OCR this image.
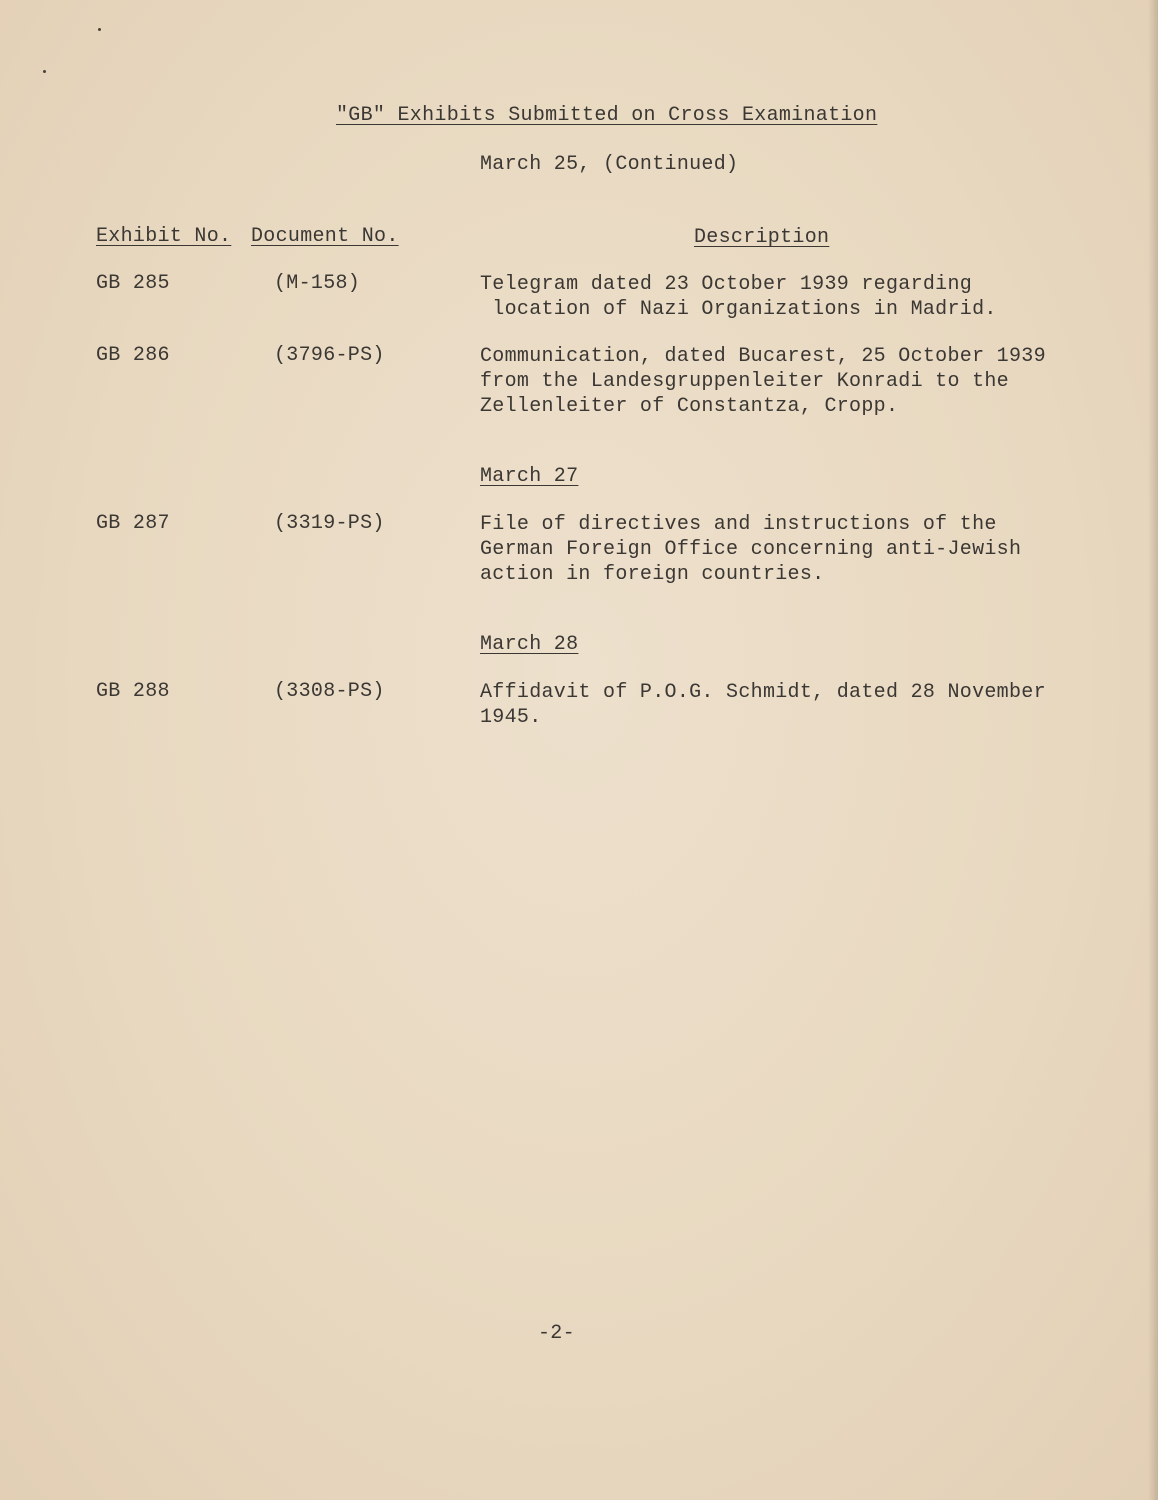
"GB" Exhibits Submitted on Cross Examination
March 25, (Continued)
Exhibit No. Document No.	Description
GB 285	(M-158)	Telegram dated 23 October 1939 regarding
location of Nazi Organizations in Madrid.
GB 286	(3796-PS)	Communication, dated Bucarest, 25 October 1939
from the Landesgruppenleiter Konradi to the
Zellenleiter of Constantza, Cropp.
March 27
GB 287	(3319-PS)	File of directives and instructions of the
German Foreign Office concerning anti-Jewish
action in foreign countries.
March 28
GB 288	(3308-PS)	Affidavit of P.O.G. Schmidt, dated 28 November
1945.
-2-
